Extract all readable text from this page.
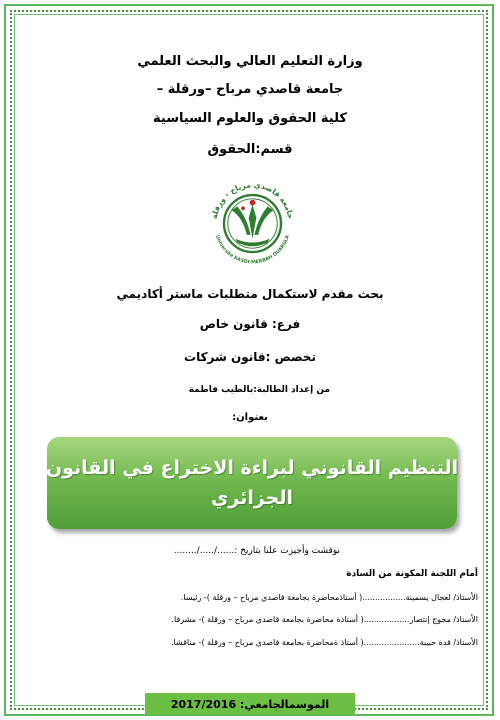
وزارة التعليم العالي والبحث العلمي
جامعة قاصدي مرباح –ورقلة –
كلية الحقوق والعلوم السياسية
قسم:الحقوق
جامعة قاصدي مرباح - ورقلة
Université KASDI-MERBAH OUARGLA
بحث مقدم لاستكمال متطلبات ماستر أكاديمي
فرع: قانون خاص
تخصص :قانون شركات
من إعداد الطالبة:بالطيب فاطمة
بعنوان:
التنظيم القانوني لبراءة الاختراع في القانون
الجزائري
نوقشت وأجيزت علنا بتاريخ :....../...../........
أمام اللجنة المكونة من السادة
الأستاذ/ لعجال يسمينة.................( أستاذمحاضرة بجامعة قاصدي مرباح – ورقلة )- رئيسا.
الأستاذ/ مجوج إنتصار..................( أستاذة محاضرة بجامعة قاصدي مرباح – ورقلة )- مشرفا.
الأستاذ/ قدة حبيبة......................( أستاذ ةمحاضرة بجامعة قاصدي مرباح – ورقلة )- مناقشا.
الموسمالجامعي: 2017/2016
